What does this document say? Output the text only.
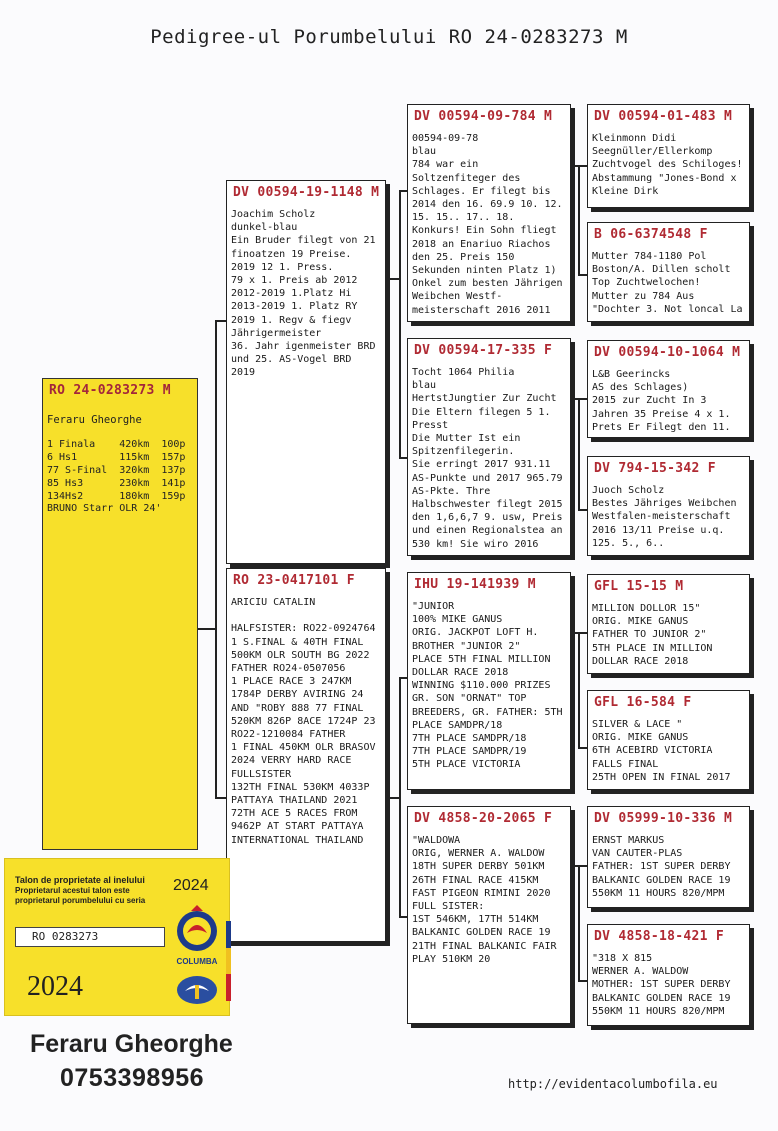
Pedigree-ul Porumbelului RO 24-0283273 M
RO 24-0283273 M
Feraru Gheorghe
1 Finala	420km	100p
6 Hs1	115km	157p
77 S-Final	320km	137p
85 Hs3	230km	141p
134Hs2	180km	159p
BRUNO Starr OLR 24'
DV 00594-19-1148 M
Joachim Scholz
dunkel-blau
Ein Bruder filegt von 21 finoatzen 19 Preise.
2019 12 1. Press.
79 x 1. Preis ab 2012
2012-2019 1.Platz Hi
2013-2019 1. Platz RY
2019 1. Regv & fiegv Jährigermeister
36. Jahr igenmeister BRD und 25. AS-Vogel BRD 2019
RO 23-0417101 F
ARICIU CATALIN

HALFSISTER: RO22-0924764
1 S.FINAL & 40TH FINAL 500KM OLR SOUTH BG 2022
FATHER RO24-0507056
1 PLACE RACE 3 247KM 1784P DERBY AVIRING 24
AND "ROBY 888 77 FINAL 520KM 826P 8ACE 1724P 23
RO22-1210084 FATHER
1 FINAL 450KM OLR BRASOV 2024 VERRY HARD RACE FULLSISTER
132TH FINAL 530KM 4033P PATTAYA THAILAND 2021
72TH ACE 5 RACES FROM 9462P AT START PATTAYA INTERNATIONAL THAILAND
DV 00594-09-784 M
00594-09-78
blau
784 war ein Soltzenfiteger des Schlages. Er filegt bis 2014 den 16. 69.9 10. 12. 15. 15.. 17.. 18. Konkurs! Ein Sohn fliegt 2018 an Enariuo Riachos den 25. Preis 150 Sekunden ninten Platz 1) Onkel zum besten Jährigen Weibchen Westf-meisterschaft 2016 2011
DV 00594-17-335 F
Tocht 1064 Philia
blau
HertstJungtier Zur Zucht Die Eltern filegen 5 1. Presst
Die Mutter Ist ein Spitzenfilegerin.
Sie erringt 2017 931.11 AS-Punkte und 2017 965.79 AS-Pkte. Thre Halbschwester filegt 2015 den 1,6,6,7 9. usw, Preis und einen Regionalstea an 530 km! Sie wiro 2016
IHU 19-141939 M
"JUNIOR
100% MIKE GANUS
ORIG. JACKPOT LOFT H. BROTHER "JUNIOR 2"
PLACE 5TH FINAL MILLION DOLLAR RACE 2018
WINNING $110.000 PRIZES
GR. SON "ORNAT" TOP BREEDERS, GR. FATHER: 5TH PLACE SAMDPR/18
7TH PLACE SAMDPR/18
7TH PLACE SAMDPR/19
5TH PLACE VICTORIA
DV 4858-20-2065 F
"WALDOWA
ORIG, WERNER A. WALDOW
18TH SUPER DERBY 501KM
26TH FINAL RACE 415KM
FAST PIGEON RIMINI 2020
FULL SISTER:
1ST 546KM, 17TH 514KM BALKANIC GOLDEN RACE 19
21TH FINAL BALKANIC FAIR PLAY 510KM 20
DV 00594-01-483 M
Kleinmonn Didi
Seegnüller/Ellerkomp
Zuchtvogel des Schiloges!
Abstammung "Jones-Bond x Kleine Dirk
B 06-6374548 F
Mutter 784-1180 Pol
Boston/A. Dillen scholt
Top Zuchtwelochen!
Mutter zu 784 Aus
"Dochter 3. Not loncal La
DV 00594-10-1064 M
L&B Geerincks
AS des Schlages)
2015 zur Zucht In 3 Jahren 35 Preise 4 x 1. Prets Er Filegt den 11.
DV 794-15-342 F
Juoch Scholz
Bestes Jähriges Weibchen Westfalen-meisterschaft 2016 13/11 Preise u.q. 125. 5., 6..
GFL 15-15 M
MILLION DOLLOR 15"
ORIG. MIKE GANUS
FATHER TO JUNIOR 2"
5TH PLACE IN MILLION DOLLAR RACE 2018
GFL 16-584 F
SILVER & LACE "
ORIG. MIKE GANUS
6TH ACEBIRD VICTORIA FALLS FINAL
25TH OPEN IN FINAL 2017
DV 05999-10-336 M
ERNST MARKUS
VAN CAUTER-PLAS
FATHER: 1ST SUPER DERBY BALKANIC GOLDEN RACE 19
550KM 11 HOURS 820/MPM
DV 4858-18-421 F
"318 X 815
WERNER A. WALDOW
MOTHER: 1ST SUPER DERBY BALKANIC GOLDEN RACE 19
550KM 11 HOURS 820/MPM
Talon de proprietate al inelului
Proprietarul acestui talon este proprietarul porumbelului cu seria
2024
RO 0283273
2024
COLUMBA
Feraru Gheorghe
0753398956	http://evidentacolumbofila.eu
